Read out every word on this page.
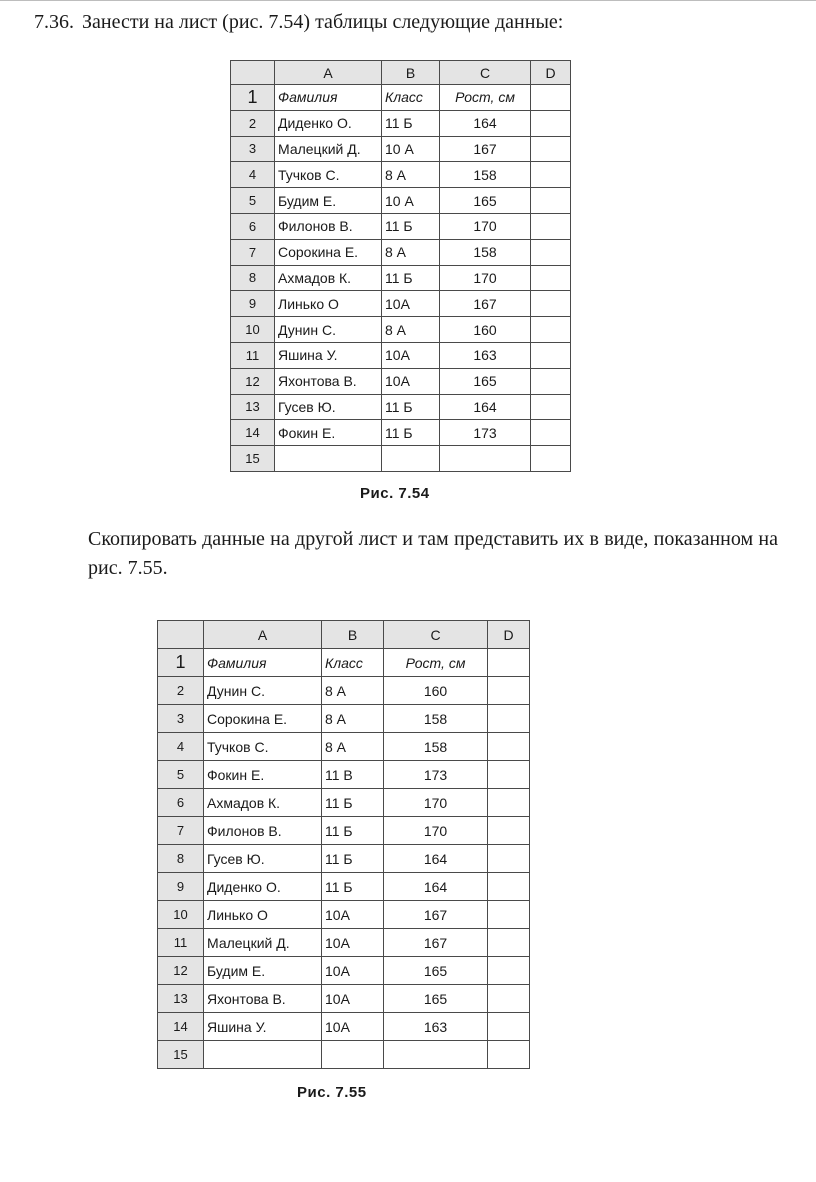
7.36. Занести на лист (рис. 7.54) таблицы следующие данные:
	A	B	C	D
1	Фамилия	Класс	Рост, см	
2	Диденко О.	11 Б	164	
3	Малецкий Д.	10 А	167	
4	Тучков С.	8 А	158	
5	Будим Е.	10 А	165	
6	Филонов В.	11 Б	170	
7	Сорокина Е.	8 А	158	
8	Ахмадов К.	11 Б	170	
9	Линько О	10А	167	
10	Дунин С.	8 А	160	
11	Яшина У.	10А	163	
12	Яхонтова В.	10А	165	
13	Гусев Ю.	11 Б	164	
14	Фокин Е.	11 Б	173	
15				
Рис. 7.54
Скопировать данные на другой лист и там представить их в виде, показанном на рис. 7.55.
	A	B	C	D
1	Фамилия	Класс	Рост, см	
2	Дунин С.	8 А	160	
3	Сорокина Е.	8 А	158	
4	Тучков С.	8 А	158	
5	Фокин Е.	11 В	173	
6	Ахмадов К.	11 Б	170	
7	Филонов В.	11 Б	170	
8	Гусев Ю.	11 Б	164	
9	Диденко О.	11 Б	164	
10	Линько О	10А	167	
11	Малецкий Д.	10А	167	
12	Будим Е.	10А	165	
13	Яхонтова В.	10А	165	
14	Яшина У.	10А	163	
15				
Рис. 7.55
